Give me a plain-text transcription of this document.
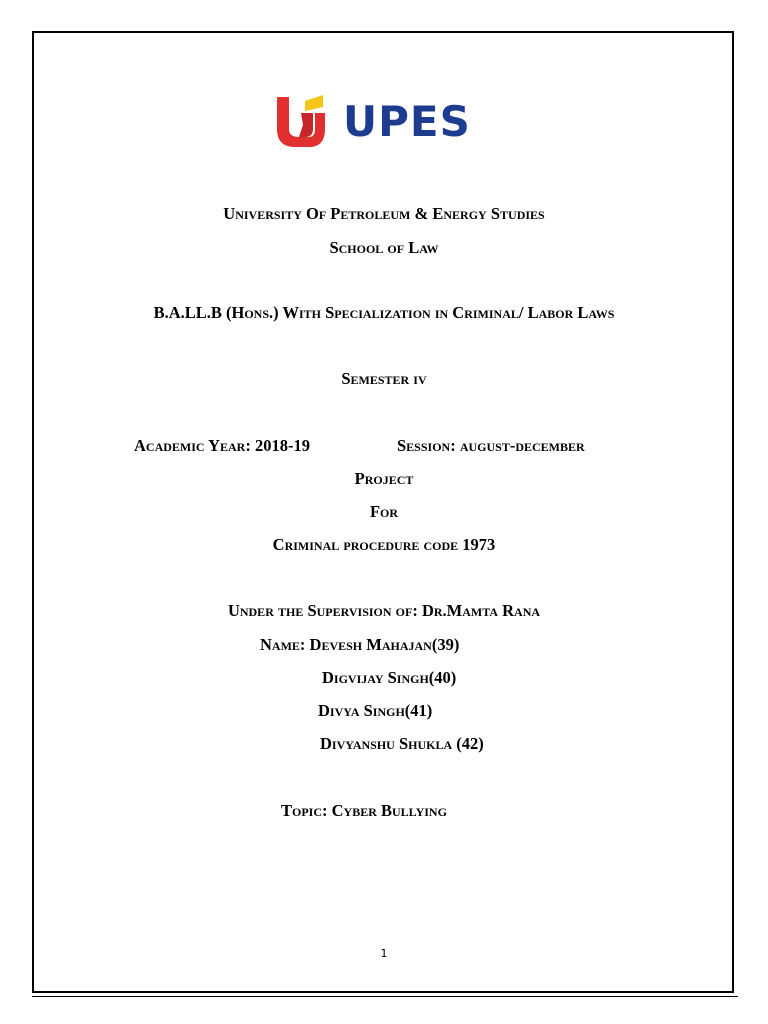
UPES
University Of Petroleum & Energy Studies
School of Law
B.A.LL.B (Hons.) With Specialization in Criminal/ Labor Laws
Semester iv
Academic Year: 2018-19	Session: august-december
Project
For
Criminal procedure code 1973
Under the Supervision of: Dr.Mamta Rana
Name: Devesh Mahajan(39)
Digvijay Singh(40)
Divya Singh(41)
Divyanshu Shukla (42)
Topic: Cyber Bullying
1
